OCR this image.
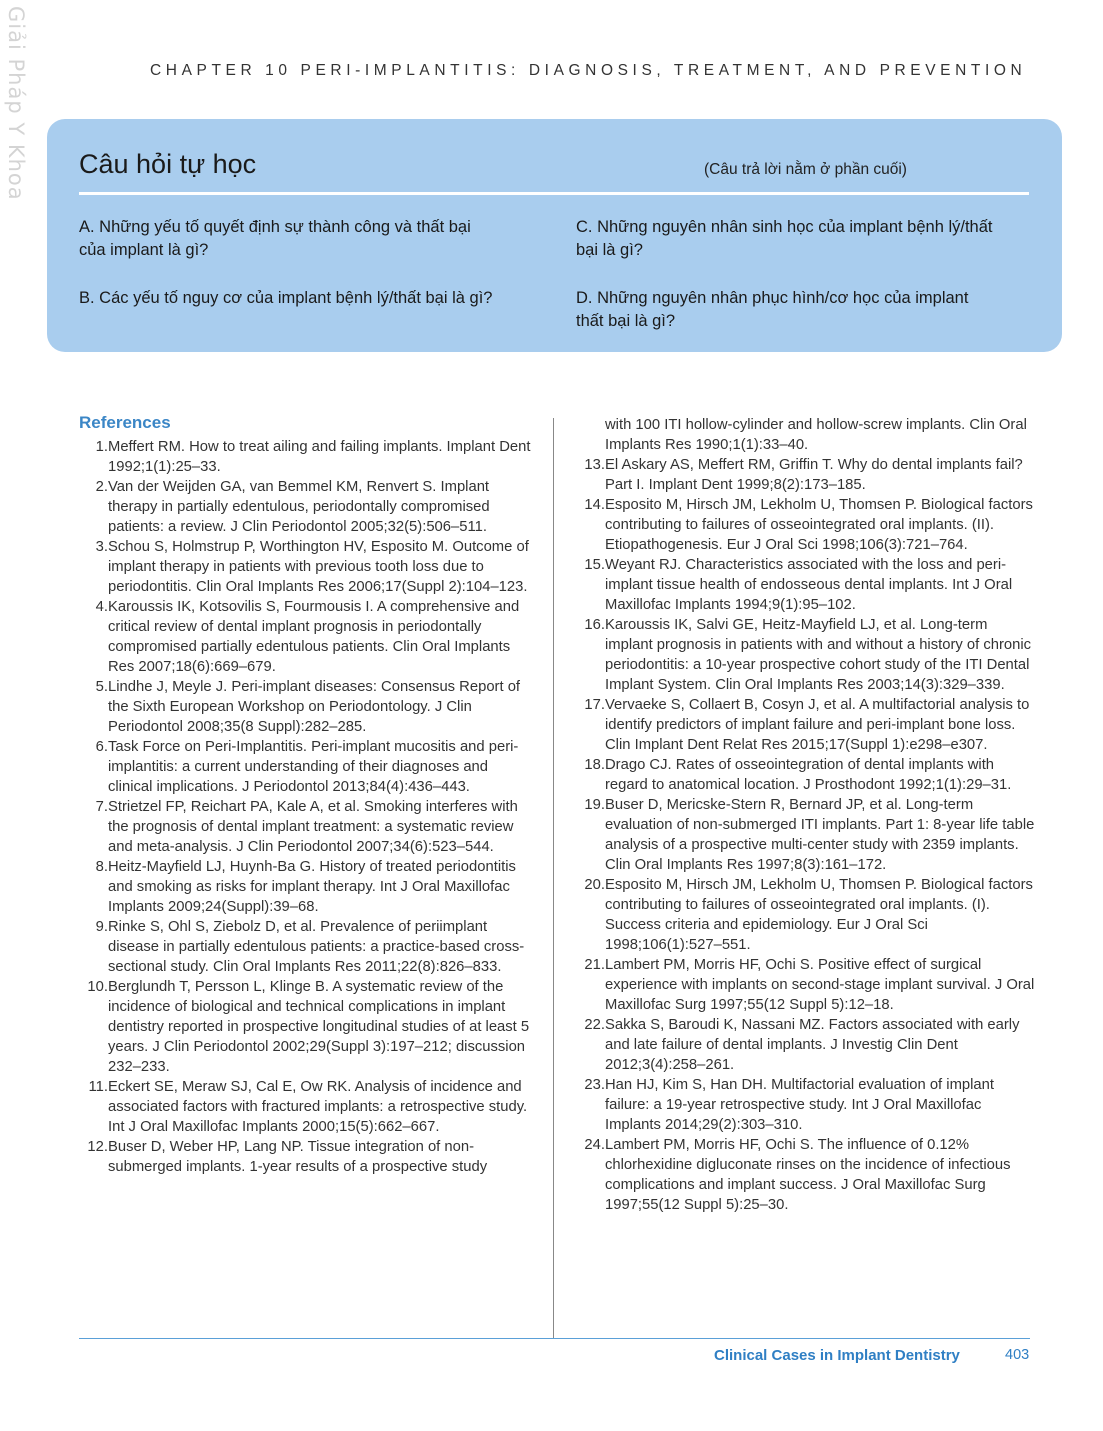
Giải Pháp Y Khoa	CHAPTER 10 PERI-IMPLANTITIS: DIAGNOSIS, TREATMENT, AND PREVENTION
Câu hỏi tự học	(Câu trả lời nằm ở phần cuối)
A. Những yếu tố quyết định sự thành công và thất bại của implant là gì?
B. Các yếu tố nguy cơ của implant bệnh lý/thất bại là gì?
C. Những nguyên nhân sinh học của implant bệnh lý/thất bại là gì?
D. Những nguyên nhân phục hình/cơ học của implant thất bại là gì?
References
1. Meffert RM. How to treat ailing and failing implants. Implant Dent 1992;1(1):25–33.
2. Van der Weijden GA, van Bemmel KM, Renvert S. Implant therapy in partially edentulous, periodontally compromised patients: a review. J Clin Periodontol 2005;32(5):506–511.
3. Schou S, Holmstrup P, Worthington HV, Esposito M. Outcome of implant therapy in patients with previous tooth loss due to periodontitis. Clin Oral Implants Res 2006;17(Suppl 2):104–123.
4. Karoussis IK, Kotsovilis S, Fourmousis I. A comprehensive and critical review of dental implant prognosis in periodontally compromised partially edentulous patients. Clin Oral Implants Res 2007;18(6):669–679.
5. Lindhe J, Meyle J. Peri-implant diseases: Consensus Report of the Sixth European Workshop on Periodontology. J Clin Periodontol 2008;35(8 Suppl):282–285.
6. Task Force on Peri-Implantitis. Peri-implant mucositis and peri-implantitis: a current understanding of their diagnoses and clinical implications. J Periodontol 2013;84(4):436–443.
7. Strietzel FP, Reichart PA, Kale A, et al. Smoking interferes with the prognosis of dental implant treatment: a systematic review and meta-analysis. J Clin Periodontol 2007;34(6):523–544.
8. Heitz-Mayfield LJ, Huynh-Ba G. History of treated periodontitis and smoking as risks for implant therapy. Int J Oral Maxillofac Implants 2009;24(Suppl):39–68.
9. Rinke S, Ohl S, Ziebolz D, et al. Prevalence of periimplant disease in partially edentulous patients: a practice-based cross-sectional study. Clin Oral Implants Res 2011;22(8):826–833.
10. Berglundh T, Persson L, Klinge B. A systematic review of the incidence of biological and technical complications in implant dentistry reported in prospective longitudinal studies of at least 5 years. J Clin Periodontol 2002;29(Suppl 3):197–212; discussion 232–233.
11. Eckert SE, Meraw SJ, Cal E, Ow RK. Analysis of incidence and associated factors with fractured implants: a retrospective study. Int J Oral Maxillofac Implants 2000;15(5):662–667.
12. Buser D, Weber HP, Lang NP. Tissue integration of non-submerged implants. 1-year results of a prospective study
with 100 ITI hollow-cylinder and hollow-screw implants. Clin Oral Implants Res 1990;1(1):33–40.
13. El Askary AS, Meffert RM, Griffin T. Why do dental implants fail? Part I. Implant Dent 1999;8(2):173–185.
14. Esposito M, Hirsch JM, Lekholm U, Thomsen P. Biological factors contributing to failures of osseointegrated oral implants. (II). Etiopathogenesis. Eur J Oral Sci 1998;106(3):721–764.
15. Weyant RJ. Characteristics associated with the loss and peri-implant tissue health of endosseous dental implants. Int J Oral Maxillofac Implants 1994;9(1):95–102.
16. Karoussis IK, Salvi GE, Heitz-Mayfield LJ, et al. Long-term implant prognosis in patients with and without a history of chronic periodontitis: a 10-year prospective cohort study of the ITI Dental Implant System. Clin Oral Implants Res 2003;14(3):329–339.
17. Vervaeke S, Collaert B, Cosyn J, et al. A multifactorial analysis to identify predictors of implant failure and peri-implant bone loss. Clin Implant Dent Relat Res 2015;17(Suppl 1):e298–e307.
18. Drago CJ. Rates of osseointegration of dental implants with regard to anatomical location. J Prosthodont 1992;1(1):29–31.
19. Buser D, Mericske-Stern R, Bernard JP, et al. Long-term evaluation of non-submerged ITI implants. Part 1: 8-year life table analysis of a prospective multi-center study with 2359 implants. Clin Oral Implants Res 1997;8(3):161–172.
20. Esposito M, Hirsch JM, Lekholm U, Thomsen P. Biological factors contributing to failures of osseointegrated oral implants. (I). Success criteria and epidemiology. Eur J Oral Sci 1998;106(1):527–551.
21. Lambert PM, Morris HF, Ochi S. Positive effect of surgical experience with implants on second-stage implant survival. J Oral Maxillofac Surg 1997;55(12 Suppl 5):12–18.
22. Sakka S, Baroudi K, Nassani MZ. Factors associated with early and late failure of dental implants. J Investig Clin Dent 2012;3(4):258–261.
23. Han HJ, Kim S, Han DH. Multifactorial evaluation of implant failure: a 19-year retrospective study. Int J Oral Maxillofac Implants 2014;29(2):303–310.
24. Lambert PM, Morris HF, Ochi S. The influence of 0.12% chlorhexidine digluconate rinses on the incidence of infectious complications and implant success. J Oral Maxillofac Surg 1997;55(12 Suppl 5):25–30.
Clinical Cases in Implant Dentistry	403
